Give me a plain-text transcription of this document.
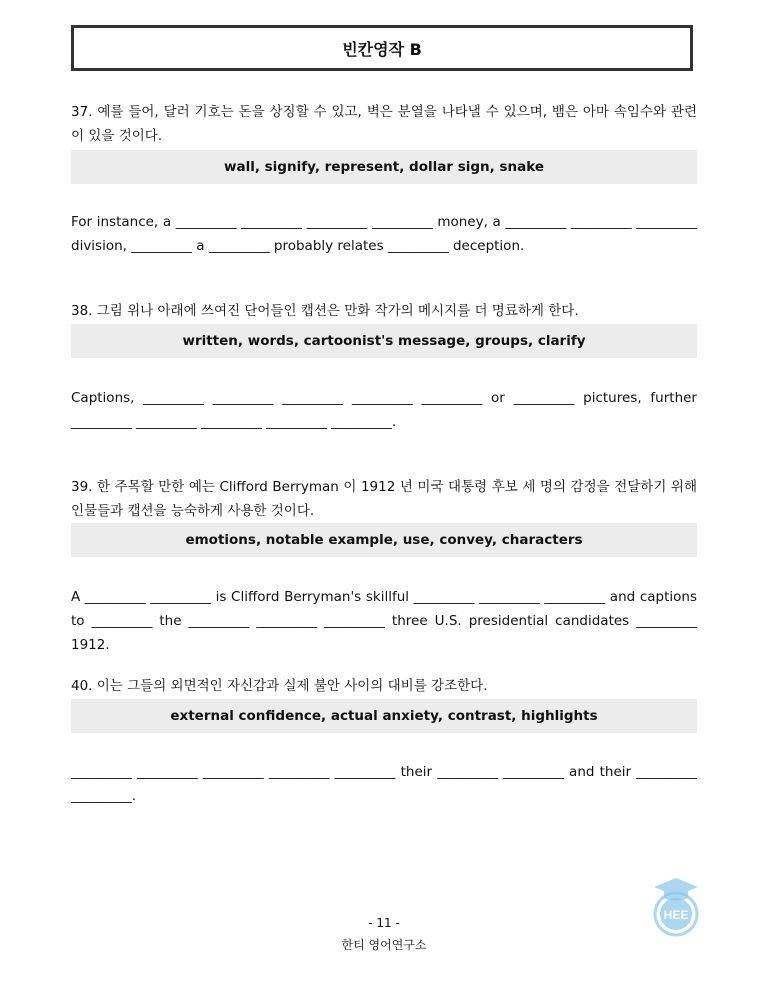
빈칸영작 B
37. 예를 들어, 달러 기호는 돈을 상징할 수 있고, 벽은 분열을 나타낼 수 있으며, 뱀은 아마 속임수와 관련이 있을 것이다.
wall, signify, represent, dollar sign, snake
For instance, a _________ _________ _________ _________ money, a _________ _________ _________ division, _________ a _________ probably relates _________ deception.
38. 그림 위나 아래에 쓰여진 단어들인 캡션은 만화 작가의 메시지를 더 명료하게 한다.
written, words, cartoonist's message, groups, clarify
Captions, _________ _________ _________ _________ _________ or _________ pictures, further _________ _________ _________ _________ _________.
39. 한 주목할 만한 예는 Clifford Berryman 이 1912 년 미국 대통령 후보 세 명의 감정을 전달하기 위해 인물들과 캡션을 능숙하게 사용한 것이다.
emotions, notable example, use, convey, characters
A _________ _________ is Clifford Berryman's skillful _________ _________ _________ and captions to _________ the _________ _________ _________ three U.S. presidential candidates _________ 1912.
40. 이는 그들의 외면적인 자신감과 실제 불안 사이의 대비를 강조한다.
external confidence, actual anxiety, contrast, highlights
_________ _________ _________ _________ _________ their _________ _________ and their _________ _________.
- 11 -
한티 영어연구소
HEE
